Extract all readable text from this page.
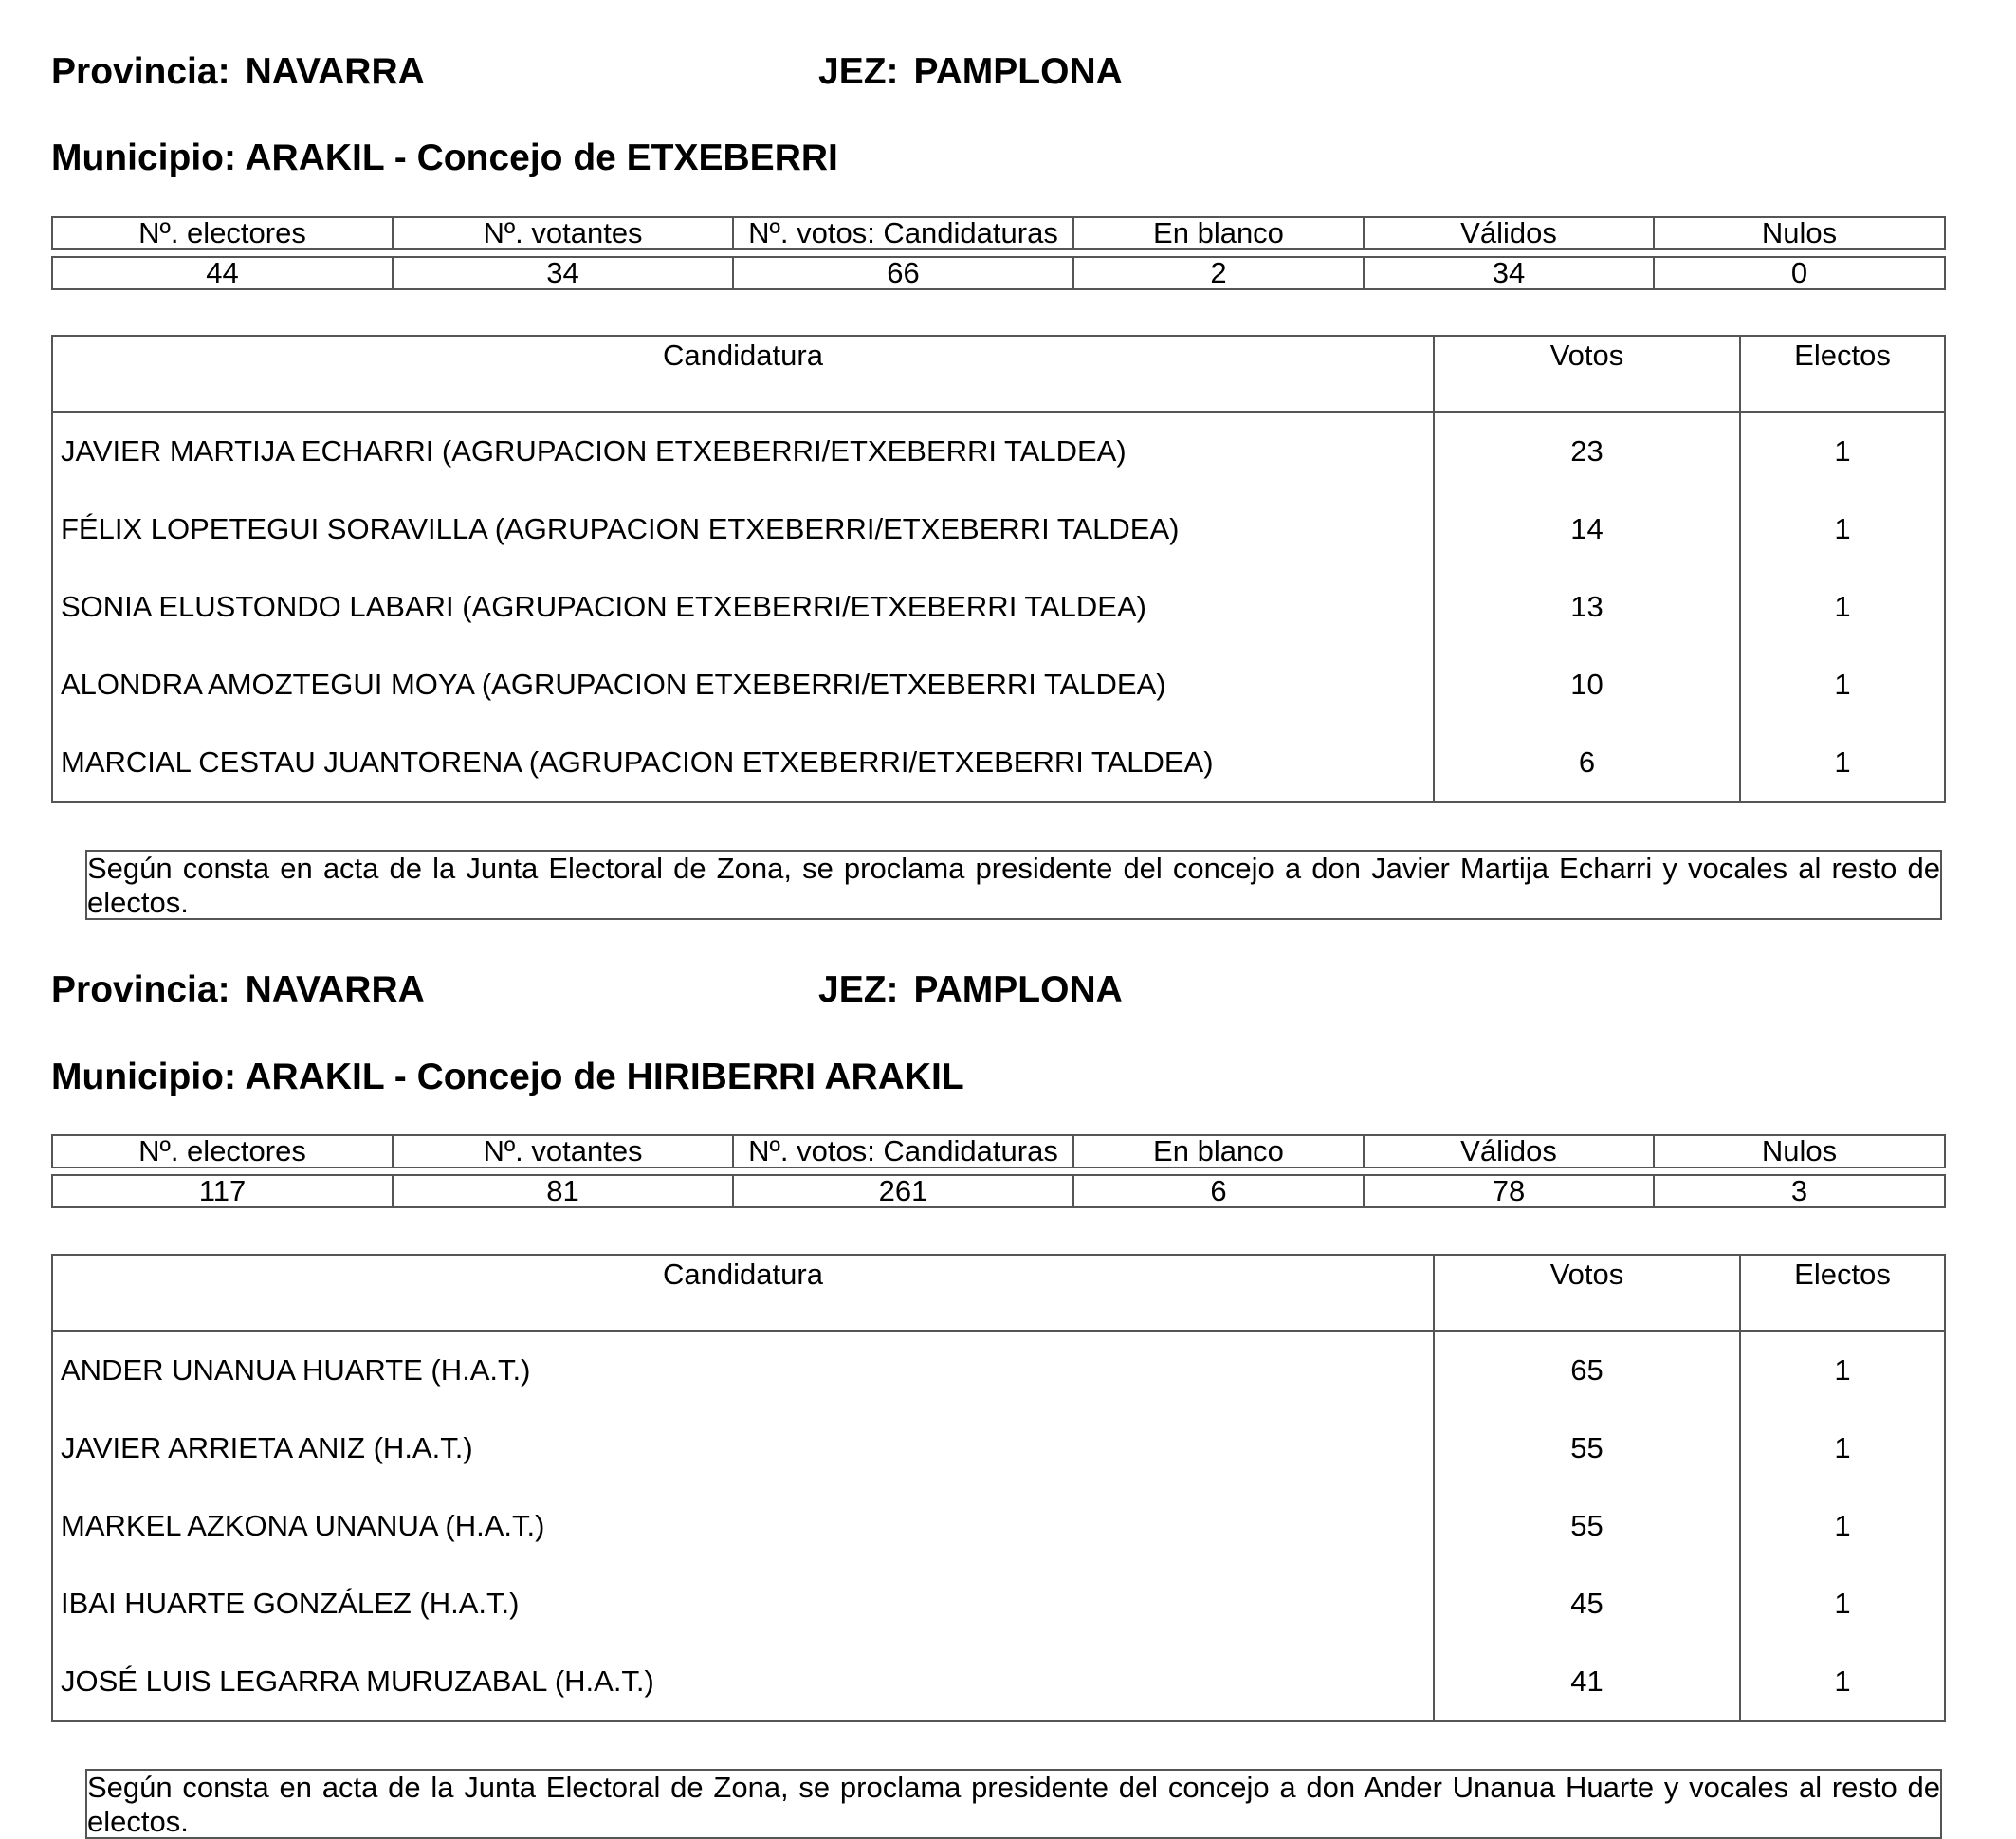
Provincia: NAVARRA	JEZ: PAMPLONA
Municipio: ARAKIL - Concejo de ETXEBERRI
Nº. electores	Nº. votantes	Nº. votos: Candidaturas	En blanco	Válidos	Nulos
44	34	66	2	34	0
Candidatura	Votos	Electos
JAVIER MARTIJA ECHARRI (AGRUPACION ETXEBERRI/ETXEBERRI TALDEA)	23	1
FÉLIX LOPETEGUI SORAVILLA (AGRUPACION ETXEBERRI/ETXEBERRI TALDEA)	14	1
SONIA ELUSTONDO LABARI (AGRUPACION ETXEBERRI/ETXEBERRI TALDEA)	13	1
ALONDRA AMOZTEGUI MOYA (AGRUPACION ETXEBERRI/ETXEBERRI TALDEA)	10	1
MARCIAL CESTAU JUANTORENA (AGRUPACION ETXEBERRI/ETXEBERRI TALDEA)	6	1
Según consta en acta de la Junta Electoral de Zona, se proclama presidente del concejo a don Javier Martija Echarri y vocales al resto de electos.
Provincia: NAVARRA	JEZ: PAMPLONA
Municipio: ARAKIL - Concejo de HIRIBERRI ARAKIL
Nº. electores	Nº. votantes	Nº. votos: Candidaturas	En blanco	Válidos	Nulos
117	81	261	6	78	3
Candidatura	Votos	Electos
ANDER UNANUA HUARTE (H.A.T.)	65	1
JAVIER ARRIETA ANIZ (H.A.T.)	55	1
MARKEL AZKONA UNANUA (H.A.T.)	55	1
IBAI HUARTE GONZÁLEZ (H.A.T.)	45	1
JOSÉ LUIS LEGARRA MURUZABAL (H.A.T.)	41	1
Según consta en acta de la Junta Electoral de Zona, se proclama presidente del concejo a don Ander Unanua Huarte y vocales al resto de electos.
